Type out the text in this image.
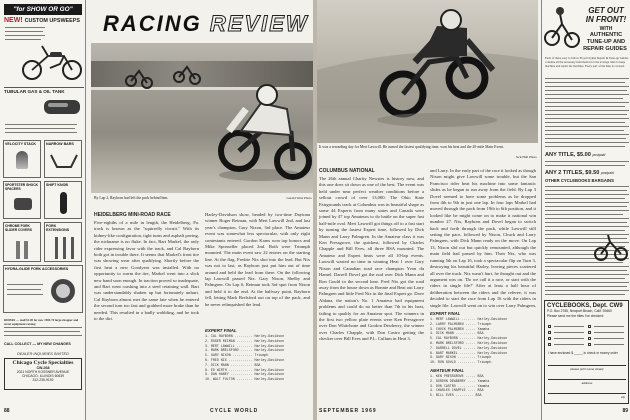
"for SHOW OR GO"
NEW! CUSTOM UPSWEEPS
TUBULAR GAS & OIL TANK
VELOCITY STACK	NARROW BARS
SPORTSTER SHOCK SPACERS
SHIFT KNOB
CHROME FORK SLIDER COVERS
FORK EXTENSIONS
HYDRA-GLIDE FORK ACCESSORIES
RIDERS — mail $1.00 for new 1969-70 large chopper and street equipment catalog
CALL COLLECT — MY NEW CHANGES
DEALER INQUIRIES INVITED
Chicago Cycle Specialties
CW-268
2021 NORTH KOSSNER AVENUE
CHICAGO, ILLINOIS 60639
312-235-9192
88
RACING REVIEW
By Lap 2, Rayborn had left the pack behind him.	Gerald West Photo
HEIDELBERG MINI-ROAD RACE
Five-eighths of a mile in length, the Heidelberg, Pa. track is known as the "squirrelly circuit." With its kidney-like configuration, tight turns and asphalt paving, the nickname is no fluke. In fact, Bart Markel, the only rider expressing favor with the track, and Cal Rayborn both got in trouble there. It seems that Markel's front tire was showing wear after qualifying. Shortly before the first heat a new Goodyear was installed. With no opportunity to warm the tire, Markel went into a slick new band soon enough. In traction proved so inadequate, and Bart went crashing into a steel retaining wall. Bart was understandably shaken up but fortunately unhurt. Cal Rayborn almost met the same fate when he entered the second turn too fast and grabbed more brake than he needed. This resulted in a badly wobbling, and he took to the dirt.
Harley-Davidson show, headed by two-time Daytona winner Roger Reiman, with Mert Lawwill 2nd, and last year's champion, Gary Nixon, 3rd place. The Amateur event was somewhat less spectacular, with only eight contestants entered. Gordon Karns won top honors and Mike Sponseller placed 2nd. Both were Triumph mounted. The main event saw 22 entries on the starting line. At the flag, Fredrie Nix shot into the lead. But Nix was not to last, as Rayborn just put him out of time around and held the lead from there. On the following lap Lawwill passed Nix. Gary Nixon, Shelby and Palmgren. On Lap 6, Reiman took 3rd spot from Nixon and held it to the end. At the halfway point, Rayborn fell, letting Mark Brelsford out on top of the pack, and he never relinquished the lead.
EXPERT FINAL
1. CAL RAYBORN ......... Harley-Davidson
2. ROGER REIMAN ........ Harley-Davidson
3. MERT LAWWILL ........ Harley-Davidson
4. MARK BRELSFORD ...... Harley-Davidson
5. GARY NIXON .......... Triumph
6. FRED NIX ............ Harley-Davidson
7. DICK MANN ........... BSA
8. ED WIRTH ............ Harley-Davidson
9. DAN HANEY ........... Harley-Davidson
10. WALT FULTON ........ Harley-Davidson
CYCLE WORLD
It was a rewarding day for Mert Lawwill. He turned the fastest qualifying time, won his heat and the 20-mile Main Event.
Jack Hall Photo
COLUMBUS NATIONAL
The 26th annual Charity Newsies is history now, and this one does sit down as one of the best. The event was held under near perfect weather conditions before a sellout crowd of over 13,000. The Ohio State Fairgrounds track at Columbus was in beautiful shape as some 44 Experts from many states and Canada were joined by 47 top Amateurs to do battle on the super fast half-mile oval. Mert Lawwill got things off to a fast start by turning the fastest Expert time, followed by Dick Mann and Larry Palmgren. In the Amateur class it was Ken Pressgrove, the quickest, followed by Charles Chapple and Bill Eves, all three BSA mounted. The Amateur and Expert heats were all 10-lap events. Lawwill wasted no time in winning Heat 1 over Gary Nixon and Canadian road race champion Yvon du Hamel. Darrell Dovel got the nod over Dick Mann and Ron Gould in the second heat. Fred Nix got the road away from the house down as Ronnie and Beat out Larry Palmgren and little Fred Nix in the final Expert go. Dave Aldana, the nation's No. 1 Amateur had equipment problems and could do no better than 7th in his heat, failing to qualify for an Amateur spot. The winners in the first two yellow plate events were Ken Pressgrove over Don Whitchone and Gordon Dewberry, the winner over Charles Chapple, with Don Castro getting the checker over Bill Eves and P.L. Cullum in Heat 3.
and Larry. In the early part of the race it looked as though Nixon might give Lawwill some trouble, but the San Francisco rider beat his machine into some fantastic slides as he began to run away from the field. By Lap 3 Dovel seemed to have some problems as he dropped from 4th to 9th in just one lap. In four laps Markel had moved through the pack from 19th to 6th position, and it looked like he might come on to make it national win number 27. Nix, Rayborn and Dovel began to switch back and forth through the pack, while Lawwill still setting the pace, followed by Nixon, Chuck and Larry Palmgren, with Dick Mann ready on the move. On Lap 13, Nixon slid out but quickly remounted, although the main field had passed by him. Then Nix, who was running 5th on Lap 16, took a spectacular flip on Turn 3, destroying his beautiful Harley, leaving pieces scattered all over the track. Nix wasn't hurt, he thought out and the argument was on. 'Do we call it a race, or start with the riders in single file?' After at least a half hour of deliberation between the riders and the referee, it was decided to start the race from Lap 16 with the riders in single file. Lawwill went on to win over Larry Palmgren,
EXPERT FINAL
1. MERT LAWWILL ....... Harley-Davidson
2. LARRY PALMGREN ..... Triumph
3. CHUCK PALMGREN ..... Yamaha
4. DICK MANN .......... BSA
5. CAL RAYBORN ........ Harley-Davidson
6. MARK BRELSFORD ..... Harley-Davidson
7. DARRELL DOVEL ...... Harley-Davidson
8. BART MARKEL ........ Harley-Davidson
9. GARY NIXON ......... Triumph
10. RON GOULD ......... Triumph
AMATEUR FINAL
1. KEN PRESSGROVE ..... BSA
2. GORDON DEWBERRY .... Yamaha
3. DON CASTRO ......... Yamaha
4. CHARLES CHAPPLE .... BSA
5. BILL EVES ......... BSA
SEPTEMBER 1969
GET OUT
IN FRONT!
WITH
AUTHENTIC
TUNE-UP AND
REPAIR GUIDES
Each of these easy to follow Floyd Clymer Repair & Tune-up Guides contains all the necessary information for the average rider to keep machine and repair the machine. Every part of the bike is covered.
ANY TITLE, $5.00 postpaid
ANY 2 TITLES, $9.50 postpaid
OTHER CYCLEBOOKS BARGAINS
CYCLEBOOKS, Dept. CW9
P.O. Box 2785, Newport Beach, Calif. 92660
Please send me the titles I've checked:
I have enclosed $ _____ in check or money order
please print name clearly
address
zip
89
